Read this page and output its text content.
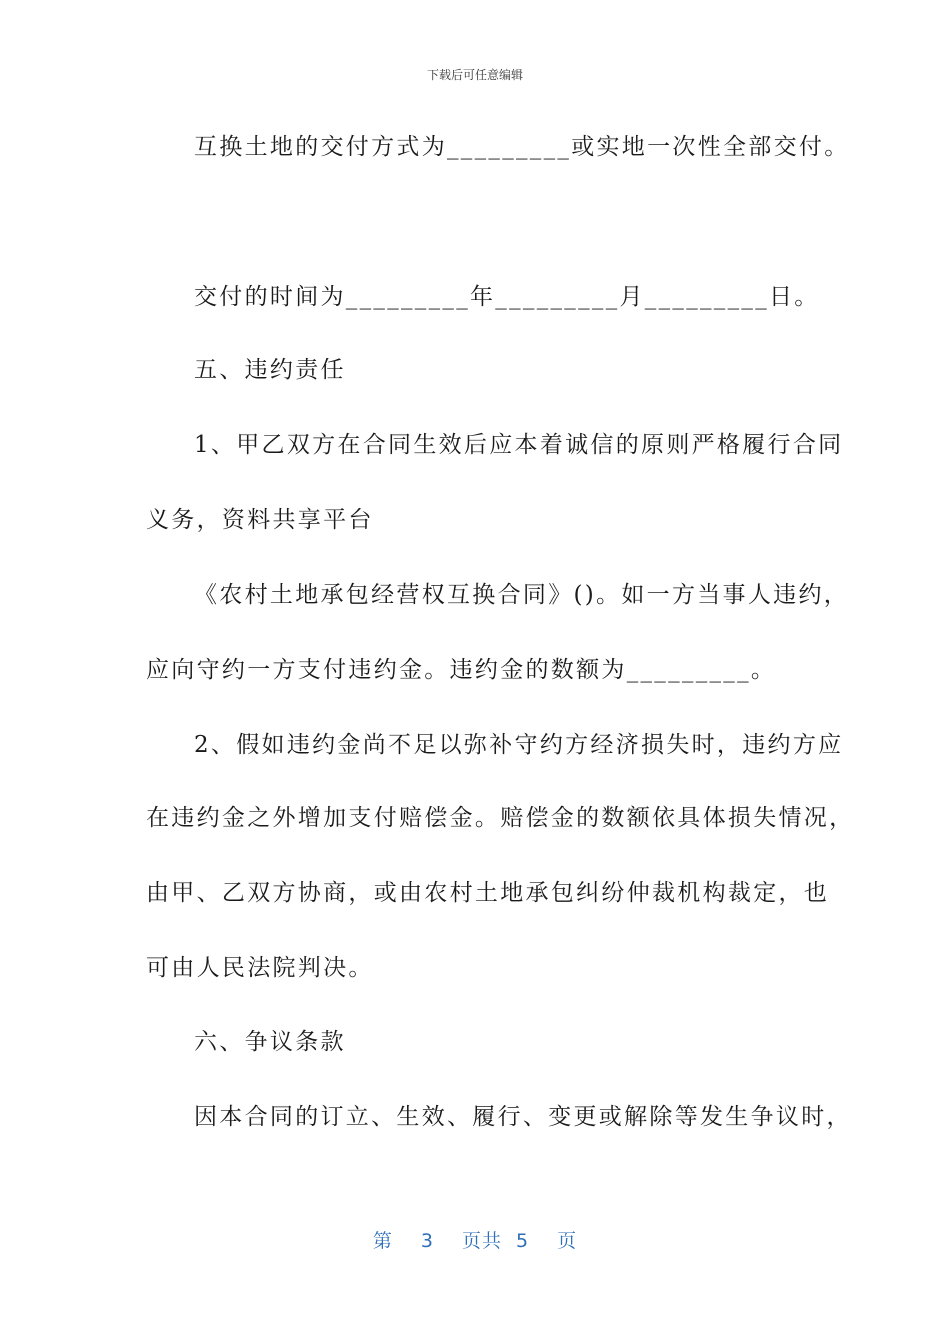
下载后可任意编辑
互换土地的交付方式为_________或实地一次性全部交付。
交付的时间为_________年_________月_________日。
五、违约责任
1、甲乙双方在合同生效后应本着诚信的原则严格履行合同
义务，资料共享平台
《农村土地承包经营权互换合同》()。如一方当事人违约，
应向守约一方支付违约金。违约金的数额为_________。
2、假如违约金尚不足以弥补守约方经济损失时，违约方应
在违约金之外增加支付赔偿金。赔偿金的数额依具体损失情况，
由甲、乙双方协商，或由农村土地承包纠纷仲裁机构裁定，也
可由人民法院判决。
六、争议条款
因本合同的订立、生效、履行、变更或解除等发生争议时，
第 3 页共 5 页
